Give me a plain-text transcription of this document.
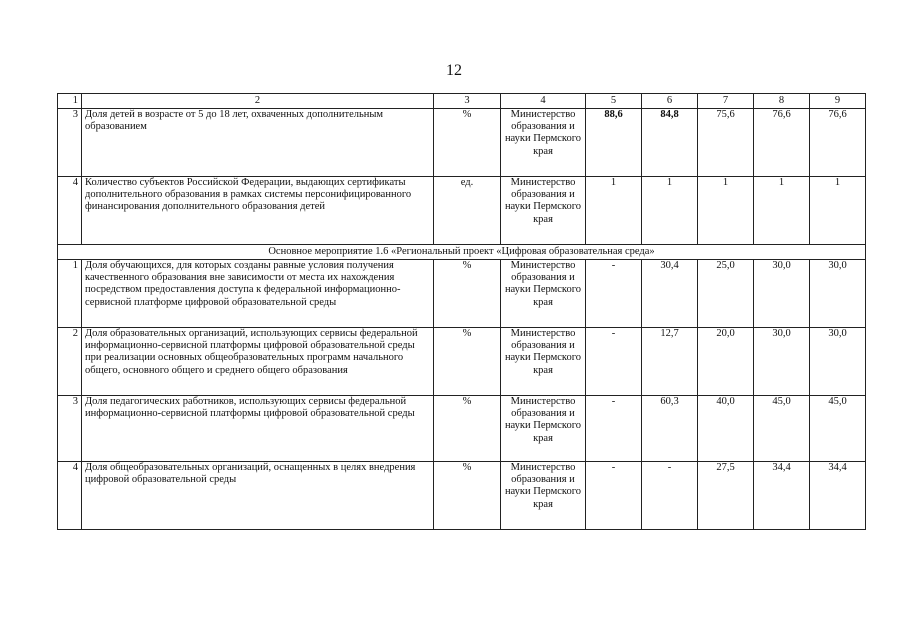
12
1	2	3	4	5	6	7	8	9
3	Доля детей в возрасте от 5 до 18 лет, охваченных дополнительным образованием	%	Министерство образования и науки Пермского края	88,6	84,8	75,6	76,6	76,6
4	Количество субъектов Российской Федерации, выдающих сертификаты дополнительного образования в рамках системы персонифицированного финансирования дополнительного образования детей	ед.	Министерство образования и науки Пермского края	1	1	1	1	1
Основное мероприятие 1.6 «Региональный проект «Цифровая образовательная среда»								
1	Доля обучающихся, для которых созданы равные условия получения качественного образования вне зависимости от места их нахождения посредством предоставления доступа к федеральной информационно-сервисной платформе цифровой образовательной среды	%	Министерство образования и науки Пермского края	-	30,4	25,0	30,0	30,0
2	Доля образовательных организаций, использующих сервисы федеральной информационно-сервисной платформы цифровой образовательной среды при реализации основных общеобразовательных программ начального общего, основного общего и среднего общего образования	%	Министерство образования и науки Пермского края	-	12,7	20,0	30,0	30,0
3	Доля педагогических работников, использующих сервисы федеральной информационно-сервисной платформы цифровой образовательной среды	%	Министерство образования и науки Пермского края	-	60,3	40,0	45,0	45,0
4	Доля общеобразовательных организаций, оснащенных в целях внедрения цифровой образовательной среды	%	Министерство образования и науки Пермского края	-	-	27,5	34,4	34,4
